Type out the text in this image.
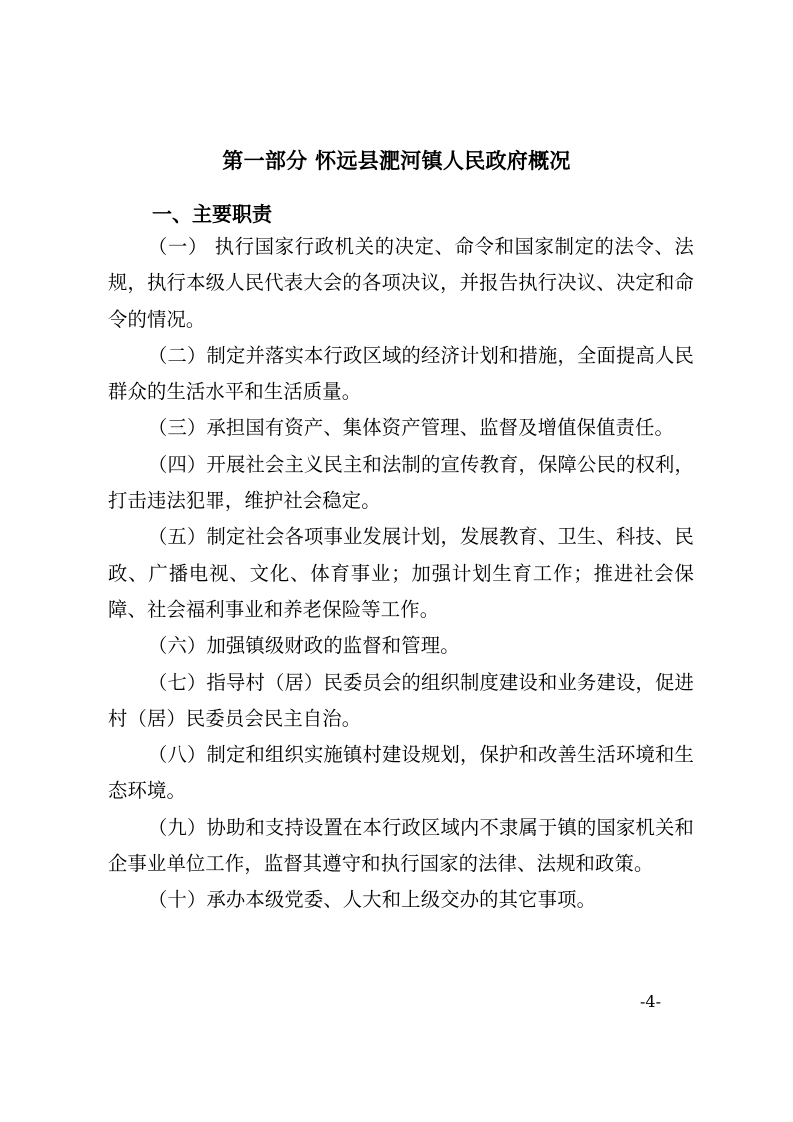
第一部分 怀远县淝河镇人民政府概况
一、主要职责

（一） 执行国家行政机关的决定、命令和国家制定的法令、法规，执行本级人民代表大会的各项决议，并报告执行决议、决定和命令的情况。

（二）制定并落实本行政区域的经济计划和措施，全面提高人民群众的生活水平和生活质量。

（三）承担国有资产、集体资产管理、监督及增值保值责任。

（四）开展社会主义民主和法制的宣传教育，保障公民的权利，打击违法犯罪，维护社会稳定。

（五）制定社会各项事业发展计划，发展教育、卫生、科技、民政、广播电视、文化、体育事业；加强计划生育工作；推进社会保障、社会福利事业和养老保险等工作。

（六）加强镇级财政的监督和管理。

（七）指导村（居）民委员会的组织制度建设和业务建设，促进村（居）民委员会民主自治。

（八）制定和组织实施镇村建设规划，保护和改善生活环境和生态环境。

（九）协助和支持设置在本行政区域内不隶属于镇的国家机关和企事业单位工作，监督其遵守和执行国家的法律、法规和政策。

（十）承办本级党委、人大和上级交办的其它事项。

-4-
